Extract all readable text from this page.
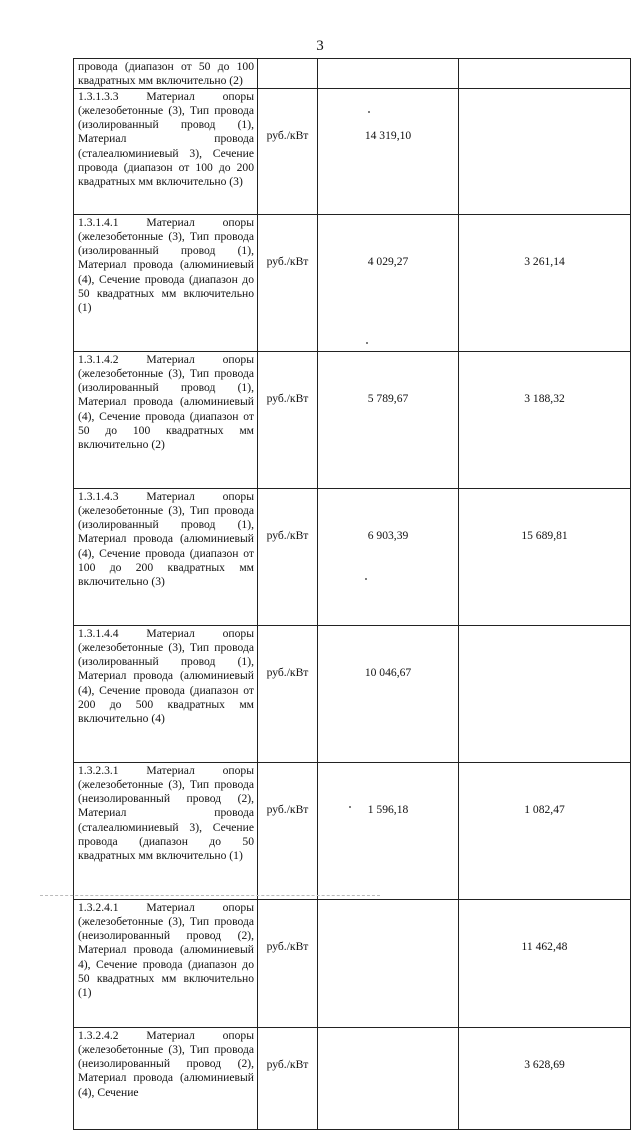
3
провода (диапазон от 50 до 100 квадратных мм включительно (2)			
1.3.1.3.3 Материал опоры (железобетонные (3), Тип провода (изолированный провод (1), Материал провода (сталеалюминиевый 3), Сечение провода (диапазон от 100 до 200 квадратных мм включительно (3)	руб./кВт	14 319,10	
1.3.1.4.1 Материал опоры (железобетонные (3), Тип провода (изолированный провод (1), Материал провода (алюминиевый (4), Сечение провода (диапазон до 50 квадратных мм включительно (1)	руб./кВт	4 029,27	3 261,14
1.3.1.4.2 Материал опоры (железобетонные (3), Тип провода (изолированный провод (1), Материал провода (алюминиевый (4), Сечение провода (диапазон от 50 до 100 квадратных мм включительно (2)	руб./кВт	5 789,67	3 188,32
1.3.1.4.3 Материал опоры (железобетонные (3), Тип провода (изолированный провод (1), Материал провода (алюминиевый (4), Сечение провода (диапазон от 100 до 200 квадратных мм включительно (3)	руб./кВт	6 903,39	15 689,81
1.3.1.4.4 Материал опоры (железобетонные (3), Тип провода (изолированный провод (1), Материал провода (алюминиевый (4), Сечение провода (диапазон от 200 до 500 квадратных мм включительно (4)	руб./кВт	10 046,67	
1.3.2.3.1 Материал опоры (железобетонные (3), Тип провода (неизолированный провод (2), Материал провода (сталеалюминиевый 3), Сечение провода (диапазон до 50 квадратных мм включительно (1)	руб./кВт	1 596,18	1 082,47
1.3.2.4.1 Материал опоры (железобетонные (3), Тип провода (неизолированный провод (2), Материал провода (алюминиевый 4), Сечение провода (диапазон до 50 квадратных мм включительно (1)	руб./кВт		11 462,48
1.3.2.4.2 Материал опоры (железобетонные (3), Тип провода (неизолированный провод (2), Материал провода (алюминиевый (4), Сечение	руб./кВт		3 628,69
